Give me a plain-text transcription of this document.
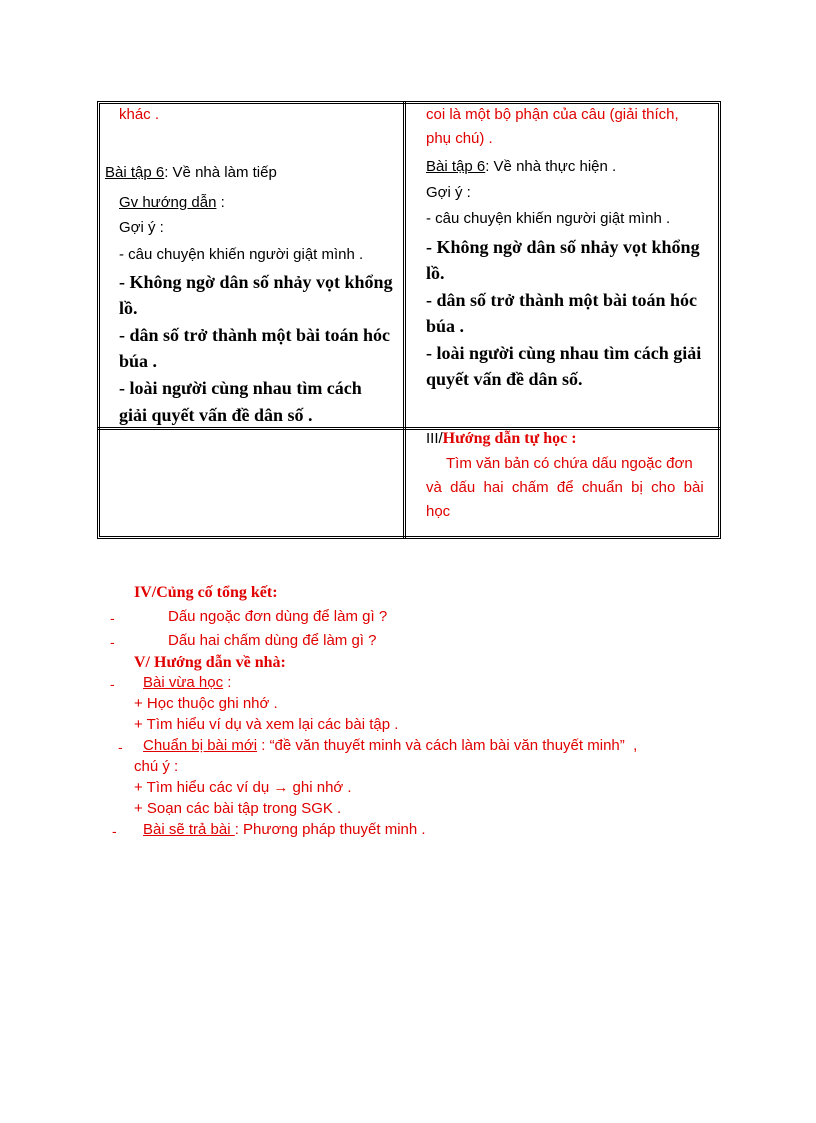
khác .
Bài tập 6: Về nhà làm tiếp
Gv hướng dẫn :
Gợi ý :
- câu chuyện khiến người giật mình .
- Không ngờ dân số nhảy vọt khổng
lồ.
- dân số trở thành một bài toán hóc
búa .
- loài người cùng nhau tìm cách
giải quyết vấn đề dân số .
coi là một bộ phận của câu (giải thích,
phụ chú) .
Bài tập 6: Về nhà thực hiện .
Gợi ý :
- câu chuyện khiến người giật mình .
- Không ngờ dân số nhảy vọt khổng
lồ.
- dân số trở thành một bài toán hóc
búa .
- loài người cùng nhau tìm cách giải
quyết vấn đề dân số.
III/Hướng dẫn tự học :
Tìm văn bản có chứa dấu ngoặc đơn
và  dấu  hai  chấm  để  chuẩn  bị  cho  bài
học
IV/Củng cố tổng kết:
-	Dấu ngoặc đơn dùng để làm gì ?
-	Dấu hai chấm dùng để làm gì ?
V/ Hướng dẫn về nhà:
- Bài vừa học :
+ Học thuộc ghi nhớ .
+ Tìm hiểu ví dụ và xem lại các bài tập .
- Chuẩn bị bài mới : “đề văn thuyết minh và cách làm bài văn thuyết minh”  ,
chú ý :
+ Tìm hiểu các ví dụ → ghi nhớ .
+ Soạn các bài tập trong SGK .
- Bài sẽ trả bài : Phương pháp thuyết minh .
